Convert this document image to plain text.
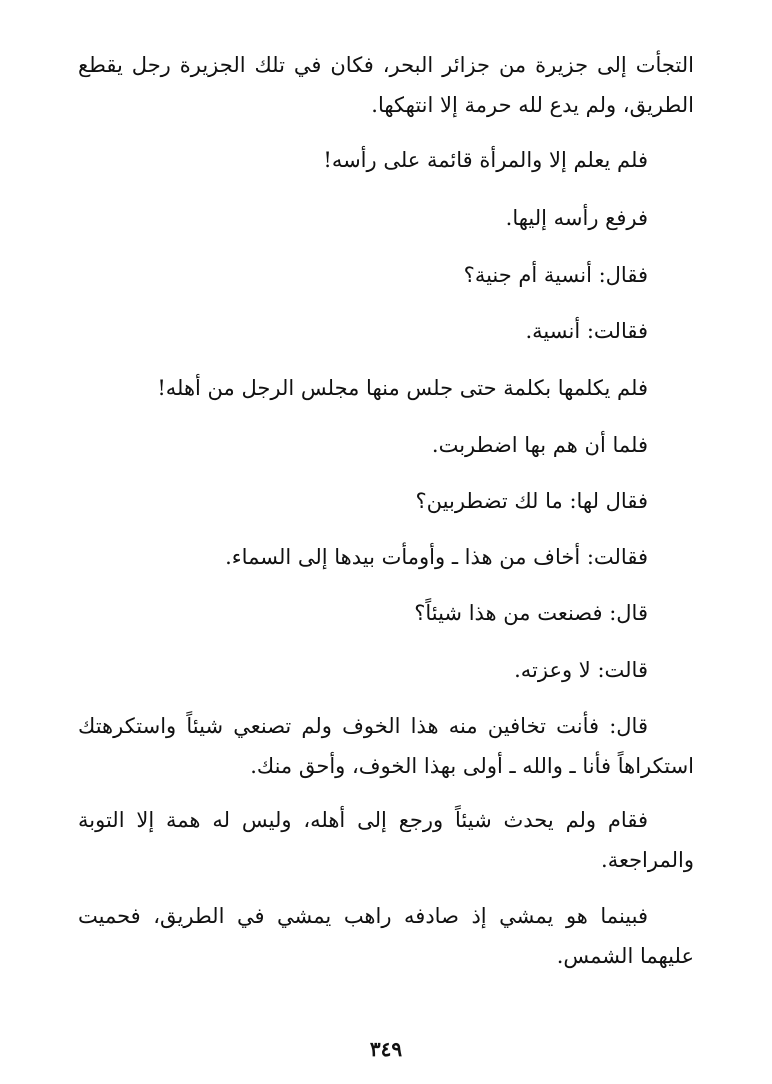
التجأت إلى جزيرة من جزائر البحر، فكان في تلك الجزيرة رجل يقطع الطريق، ولم يدع لله حرمة إلا انتهكها.

فلم يعلم إلا والمرأة قائمة على رأسه!

فرفع رأسه إليها.

فقال: أنسية أم جنية؟

فقالت: أنسية.

فلم يكلمها بكلمة حتى جلس منها مجلس الرجل من أهله!

فلما أن هم بها اضطربت.

فقال لها: ما لك تضطربين؟

فقالت: أخاف من هذا ـ وأومأت بيدها إلى السماء.

قال: فصنعت من هذا شيئاً؟

قالت: لا وعزته.

قال: فأنت تخافين منه هذا الخوف ولم تصنعي شيئاً واستكرهتك استكراهاً فأنا ـ والله ـ أولى بهذا الخوف، وأحق منك.

فقام ولم يحدث شيئاً ورجع إلى أهله، وليس له همة إلا التوبة والمراجعة.

فبينما هو يمشي إذ صادفه راهب يمشي في الطريق، فحميت عليهما الشمس.

٣٤٩
